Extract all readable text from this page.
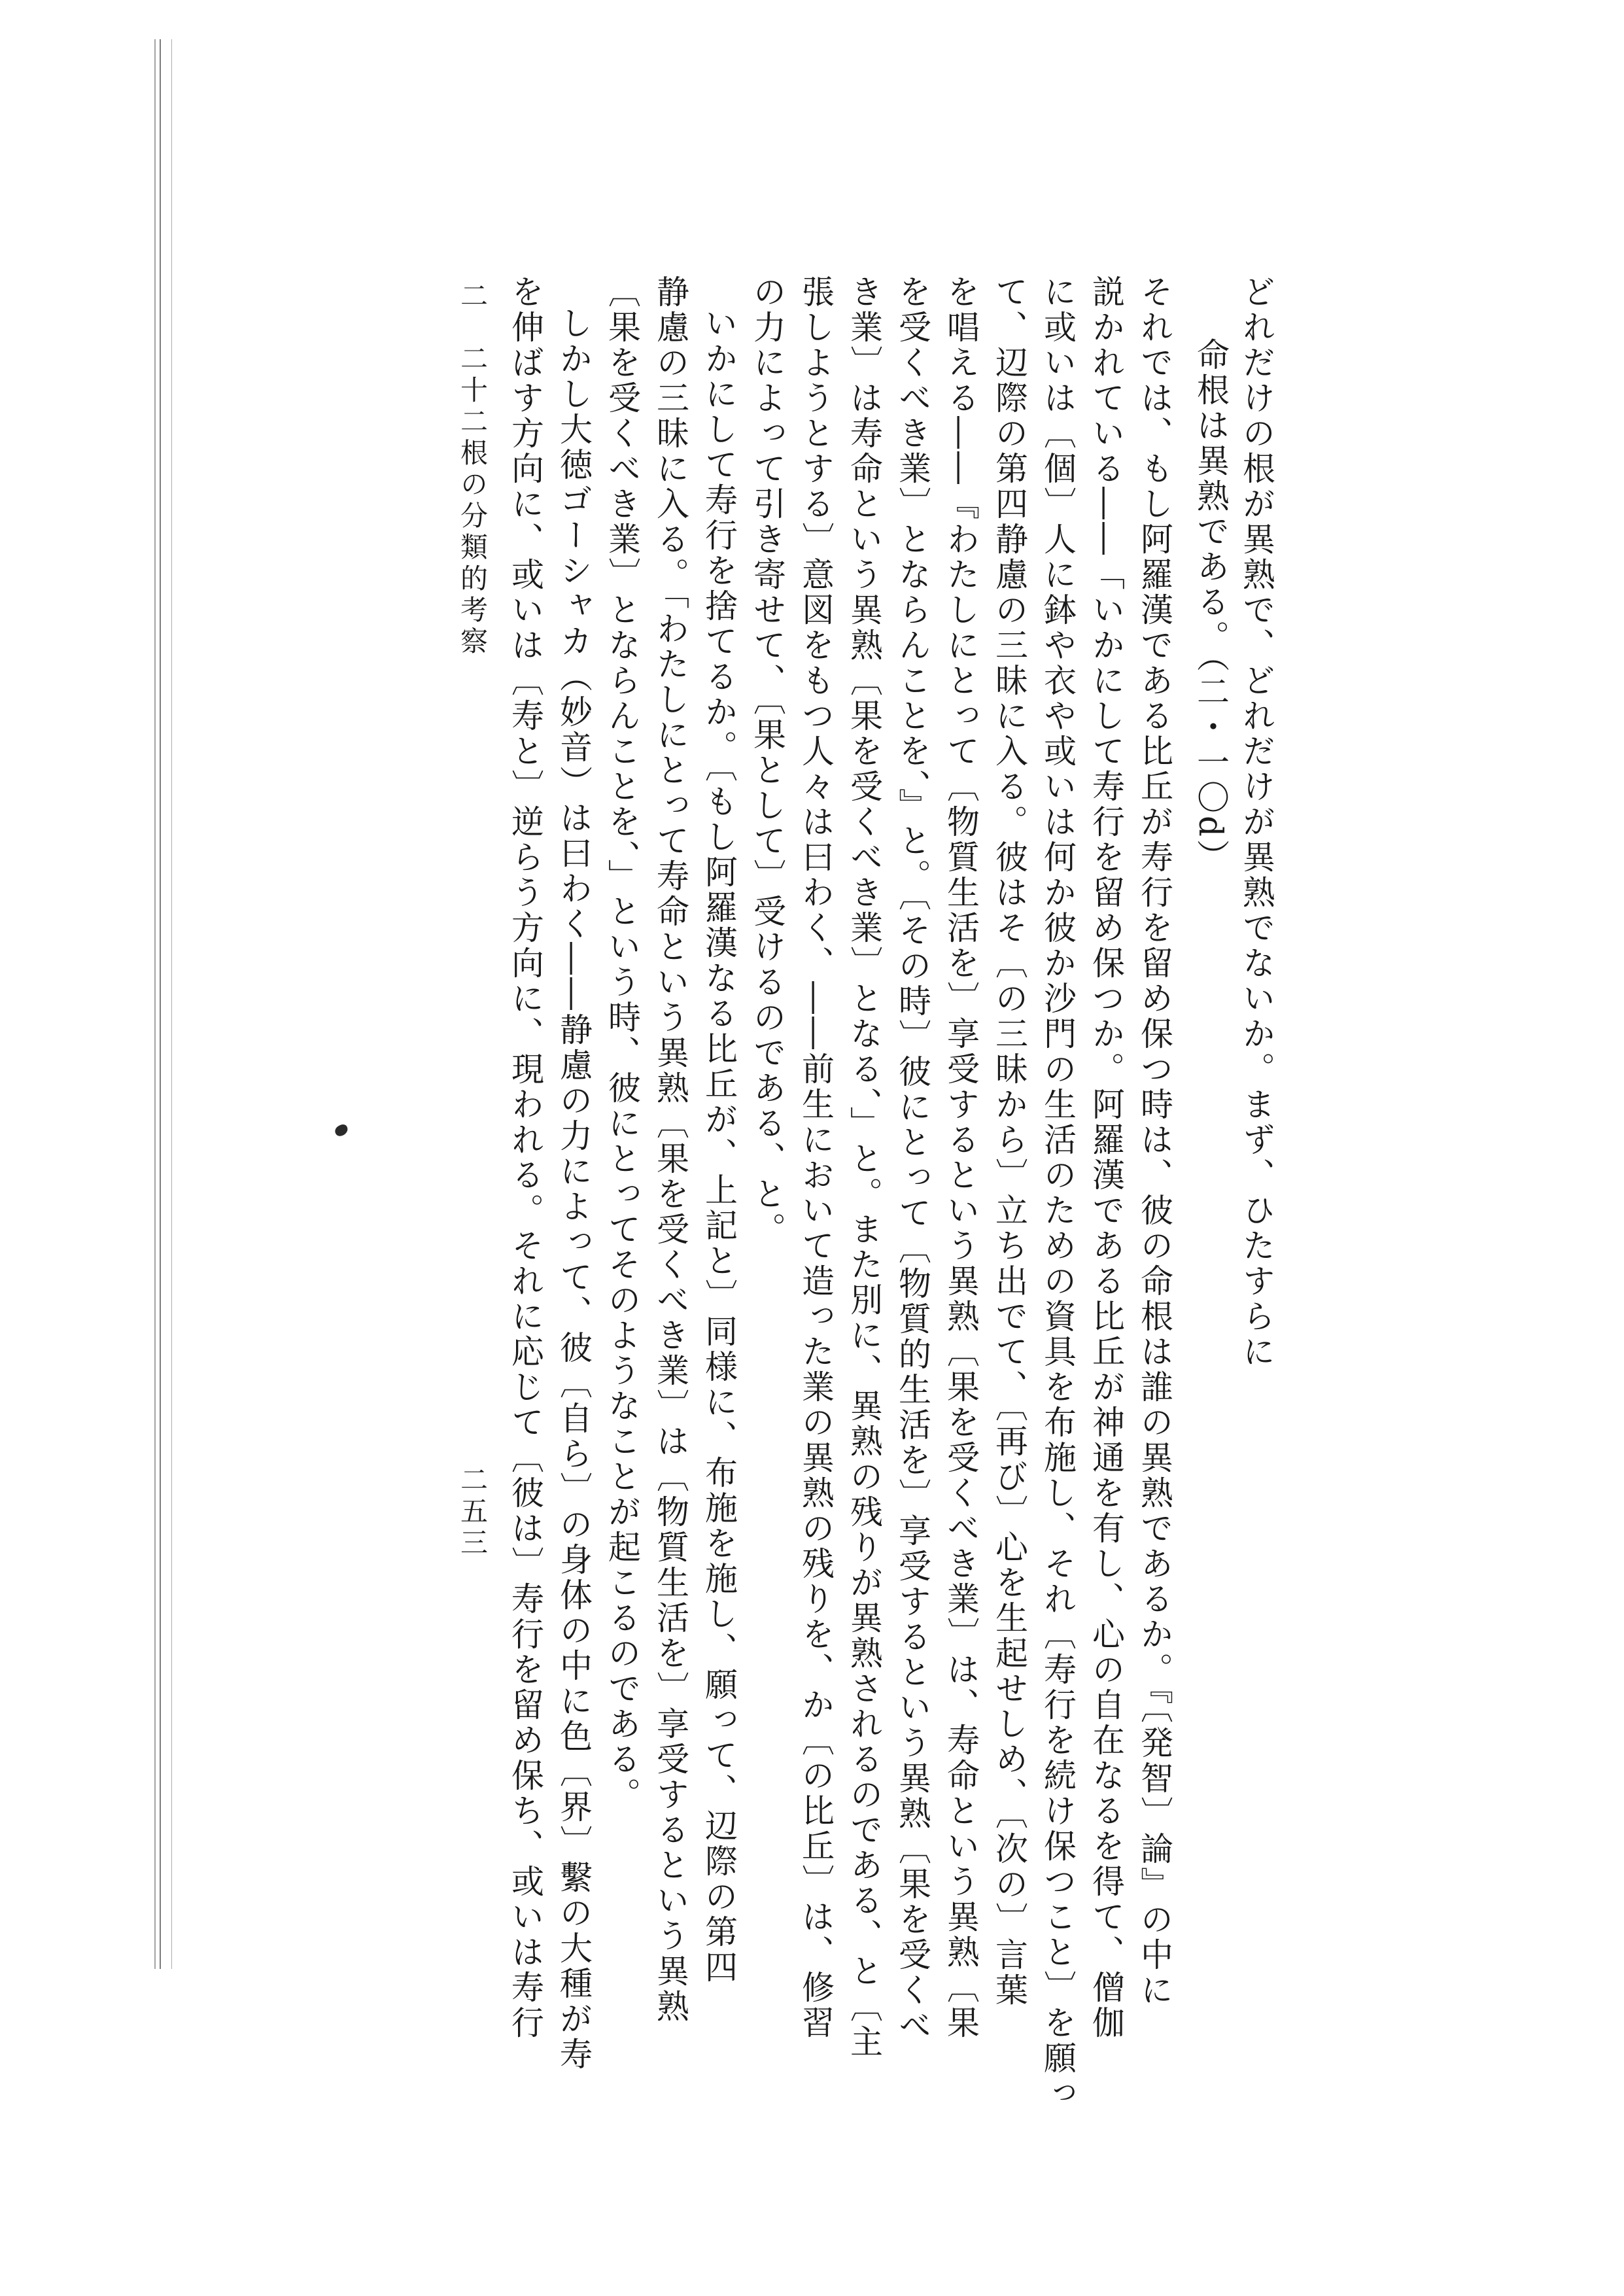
どれだけの根が異熟で、どれだけが異熟でないか。まず、ひたすらに
命根は異熟である。（二・一〇d）
それでは、もし阿羅漢である比丘が寿行を留め保つ時は、彼の命根は誰の異熟であるか。『〔発智〕論』の中に
説かれている――「いかにして寿行を留め保つか。阿羅漢である比丘が神通を有し、心の自在なるを得て、僧伽
に或いは〔個〕人に鉢や衣や或いは何か彼か沙門の生活のための資具を布施し、それ〔寿行を続け保つこと〕を願っ
て、辺際の第四静慮の三昧に入る。彼はそ〔の三昧から〕立ち出でて、〔再び〕心を生起せしめ、〔次の〕言葉
を唱える――『わたしにとって〔物質生活を〕享受するという異熟〔果を受くべき業〕は、寿命という異熟〔果
を受くべき業〕とならんことを、』と。〔その時〕彼にとって〔物質的生活を〕享受するという異熟〔果を受くべ
き業〕は寿命という異熟〔果を受くべき業〕となる、」と。また別に、異熟の残りが異熟されるのである、と〔主
張しようとする〕意図をもつ人々は曰わく、――前生において造った業の異熟の残りを、か〔の比丘〕は、修習
の力によって引き寄せて、〔果として〕受けるのである、と。
いかにして寿行を捨てるか。〔もし阿羅漢なる比丘が、上記と〕同様に、布施を施し、願って、辺際の第四
静慮の三昧に入る。「わたしにとって寿命という異熟〔果を受くべき業〕は〔物質生活を〕享受するという異熟
〔果を受くべき業〕とならんことを、」という時、彼にとってそのようなことが起こるのである。
しかし大徳ゴーシャカ（妙音）は曰わく――静慮の力によって、彼〔自ら〕の身体の中に色〔界〕繫の大種が寿
を伸ばす方向に、或いは〔寿と〕逆らう方向に、現われる。それに応じて〔彼は〕寿行を留め保ち、或いは寿行
二　二十二根の分類的考察
二五三
